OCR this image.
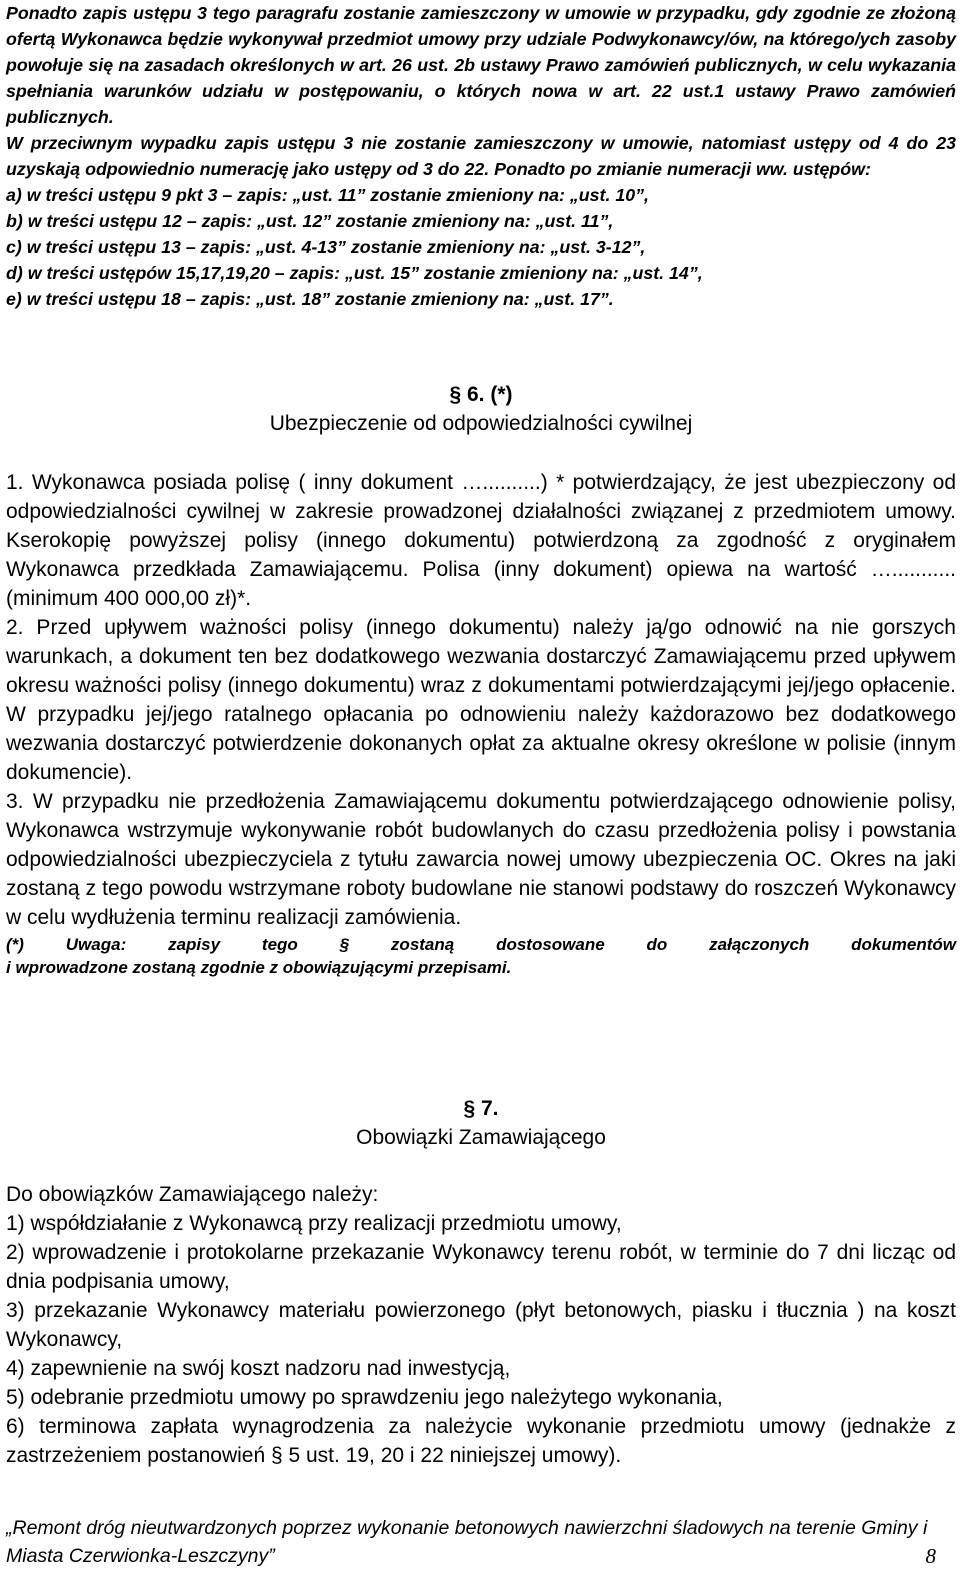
Ponadto zapis ustępu 3 tego paragrafu zostanie zamieszczony w umowie w przypadku, gdy zgodnie ze złożoną ofertą Wykonawca będzie wykonywał przedmiot umowy przy udziale Podwykonawcy/ów, na którego/ych zasoby powołuje się na zasadach określonych w art. 26 ust. 2b ustawy Prawo zamówień publicznych, w celu wykazania spełniania warunków udziału w postępowaniu, o których nowa w art. 22 ust.1 ustawy Prawo zamówień publicznych.

W przeciwnym wypadku zapis ustępu 3 nie zostanie zamieszczony w umowie, natomiast ustępy od 4 do 23 uzyskają odpowiednio numerację jako ustępy od 3 do 22. Ponadto po zmianie numeracji ww. ustępów:

a) w treści ustępu 9 pkt 3 – zapis: „ust. 11” zostanie zmieniony na: „ust. 10”,

b) w treści ustępu 12 – zapis: „ust. 12” zostanie zmieniony na: „ust. 11”,

c) w treści ustępu 13 – zapis: „ust. 4-13” zostanie zmieniony na: „ust. 3-12”,

d) w treści ustępów 15,17,19,20 – zapis: „ust. 15” zostanie zmieniony na: „ust. 14”,

e) w treści ustępu 18 – zapis: „ust. 18” zostanie zmieniony na: „ust. 17”.

§ 6. (*)

Ubezpieczenie od odpowiedzialności cywilnej

1. Wykonawca posiada polisę ( inny dokument …..........) * potwierdzający, że jest ubezpieczony od odpowiedzialności cywilnej w zakresie prowadzonej działalności związanej z przedmiotem umowy. Kserokopię powyższej polisy (innego dokumentu) potwierdzoną za zgodność z oryginałem Wykonawca przedkłada Zamawiającemu. Polisa (inny dokument) opiewa na wartość …........... (minimum 400 000,00 zł)*.

2. Przed upływem ważności polisy (innego dokumentu) należy ją/go odnowić na nie gorszych warunkach, a dokument ten bez dodatkowego wezwania dostarczyć Zamawiającemu przed upływem okresu ważności polisy (innego dokumentu) wraz z dokumentami potwierdzającymi jej/jego opłacenie. W przypadku jej/jego ratalnego opłacania po odnowieniu należy każdorazowo bez dodatkowego wezwania dostarczyć potwierdzenie dokonanych opłat za aktualne okresy określone w polisie (innym dokumencie).

3. W przypadku nie przedłożenia Zamawiającemu dokumentu potwierdzającego odnowienie polisy, Wykonawca wstrzymuje wykonywanie robót budowlanych do czasu przedłożenia polisy i powstania odpowiedzialności ubezpieczyciela z tytułu zawarcia nowej umowy ubezpieczenia OC. Okres na jaki zostaną z tego powodu wstrzymane roboty budowlane nie stanowi podstawy do roszczeń Wykonawcy w celu wydłużenia terminu realizacji zamówienia.

(*) Uwaga: zapisy tego § zostaną dostosowane do załączonych dokumentów

i wprowadzone zostaną zgodnie z obowiązującymi przepisami.

§ 7.

Obowiązki Zamawiającego

Do obowiązków Zamawiającego należy:

1) współdziałanie z Wykonawcą przy realizacji przedmiotu umowy,

2) wprowadzenie i protokolarne przekazanie Wykonawcy terenu robót, w terminie do 7 dni licząc od dnia podpisania umowy,

3) przekazanie Wykonawcy materiału powierzonego (płyt betonowych, piasku i tłucznia ) na koszt Wykonawcy,

4) zapewnienie na swój koszt nadzoru nad inwestycją,

5) odebranie przedmiotu umowy po sprawdzeniu jego należytego wykonania,

6) terminowa zapłata wynagrodzenia za należycie wykonanie przedmiotu umowy (jednakże z zastrzeżeniem postanowień § 5 ust. 19, 20 i 22 niniejszej umowy).

„Remont dróg nieutwardzonych poprzez wykonanie betonowych nawierzchni śladowych na terenie Gminy i Miasta Czerwionka-Leszczyny”	8
